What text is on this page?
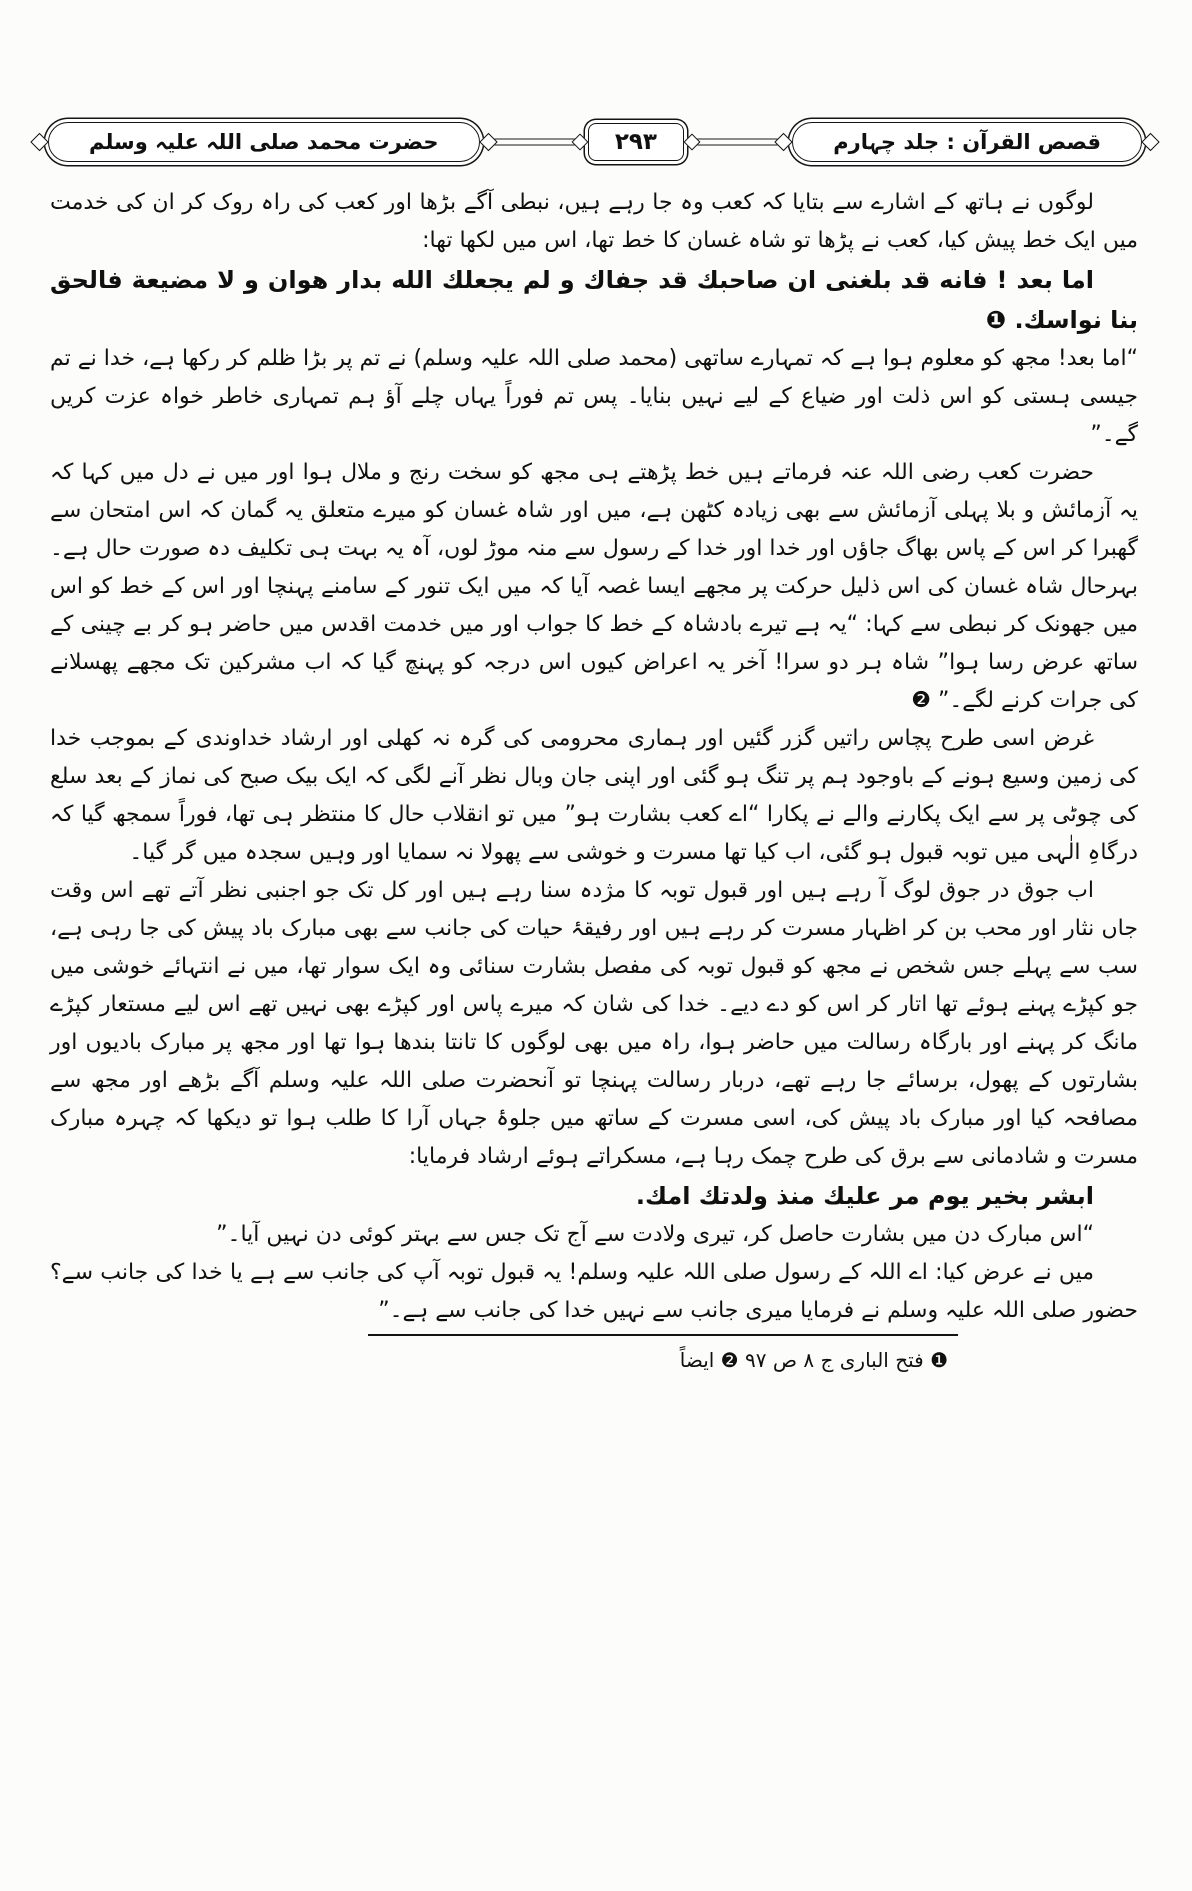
قصص القرآن : جلد چہارم
۲۹۳
حضرت محمد صلی اللہ علیہ وسلم

لوگوں نے ہاتھ کے اشارے سے بتایا کہ کعب وہ جا رہے ہیں، نبطی آگے بڑھا اور کعب کی راہ روک کر ان کی خدمت میں ایک خط پیش کیا، کعب نے پڑھا تو شاہ غسان کا خط تھا، اس میں لکھا تھا:

اما بعد ! فانه قد بلغنى ان صاحبك قد جفاك و لم يجعلك الله بدار هوان و لا مضيعة فالحق بنا نواسك. ❶

“اما بعد! مجھ کو معلوم ہوا ہے کہ تمہارے ساتھی (محمد صلی اللہ علیہ وسلم) نے تم پر بڑا ظلم کر رکھا ہے، خدا نے تم جیسی ہستی کو اس ذلت اور ضیاع کے لیے نہیں بنایا۔ پس تم فوراً یہاں چلے آؤ ہم تمہاری خاطر خواہ عزت کریں گے۔”

حضرت کعب رضی اللہ عنہ فرماتے ہیں خط پڑھتے ہی مجھ کو سخت رنج و ملال ہوا اور میں نے دل میں کہا کہ یہ آزمائش و بلا پہلی آزمائش سے بھی زیادہ کٹھن ہے، میں اور شاہ غسان کو میرے متعلق یہ گمان کہ اس امتحان سے گھبرا کر اس کے پاس بھاگ جاؤں اور خدا اور خدا کے رسول سے منہ موڑ لوں، آہ یہ بہت ہی تکلیف دہ صورت حال ہے۔ بہرحال شاہ غسان کی اس ذلیل حرکت پر مجھے ایسا غصہ آیا کہ میں ایک تنور کے سامنے پہنچا اور اس کے خط کو اس میں جھونک کر نبطی سے کہا: “یہ ہے تیرے بادشاہ کے خط کا جواب اور میں خدمت اقدس میں حاضر ہو کر بے چینی کے ساتھ عرض رسا ہوا” شاہ ہر دو سرا! آخر یہ اعراض کیوں اس درجہ کو پہنچ گیا کہ اب مشرکین تک مجھے پھسلانے کی جرات کرنے لگے۔” ❷

غرض اسی طرح پچاس راتیں گزر گئیں اور ہماری محرومی کی گرہ نہ کھلی اور ارشاد خداوندی کے بموجب خدا کی زمین وسیع ہونے کے باوجود ہم پر تنگ ہو گئی اور اپنی جان وبال نظر آنے لگی کہ ایک بیک صبح کی نماز کے بعد سلع کی چوٹی پر سے ایک پکارنے والے نے پکارا “اے کعب بشارت ہو” میں تو انقلاب حال کا منتظر ہی تھا، فوراً سمجھ گیا کہ درگاہِ الٰہی میں توبہ قبول ہو گئی، اب کیا تھا مسرت و خوشی سے پھولا نہ سمایا اور وہیں سجدہ میں گر گیا۔

اب جوق در جوق لوگ آ رہے ہیں اور قبول توبہ کا مژدہ سنا رہے ہیں اور کل تک جو اجنبی نظر آتے تھے اس وقت جاں نثار اور محب بن کر اظہار مسرت کر رہے ہیں اور رفیقۂ حیات کی جانب سے بھی مبارک باد پیش کی جا رہی ہے، سب سے پہلے جس شخص نے مجھ کو قبول توبہ کی مفصل بشارت سنائی وہ ایک سوار تھا، میں نے انتہائے خوشی میں جو کپڑے پہنے ہوئے تھا اتار کر اس کو دے دیے۔ خدا کی شان کہ میرے پاس اور کپڑے بھی نہیں تھے اس لیے مستعار کپڑے مانگ کر پہنے اور بارگاہ رسالت میں حاضر ہوا، راہ میں بھی لوگوں کا تانتا بندھا ہوا تھا اور مجھ پر مبارک بادیوں اور بشارتوں کے پھول، برسائے جا رہے تھے، دربار رسالت پہنچا تو آنحضرت صلی اللہ علیہ وسلم آگے بڑھے اور مجھ سے مصافحہ کیا اور مبارک باد پیش کی، اسی مسرت کے ساتھ میں جلوۂ جہاں آرا کا طلب ہوا تو دیکھا کہ چہرہ مبارک مسرت و شادمانی سے برق کی طرح چمک رہا ہے، مسکراتے ہوئے ارشاد فرمایا:

ابشر بخير يوم مر عليك منذ ولدتك امك.

“اس مبارک دن میں بشارت حاصل کر، تیری ولادت سے آج تک جس سے بہتر کوئی دن نہیں آیا۔”

میں نے عرض کیا: اے اللہ کے رسول صلی اللہ علیہ وسلم! یہ قبول توبہ آپ کی جانب سے ہے یا خدا کی جانب سے؟ حضور صلی اللہ علیہ وسلم نے فرمایا میری جانب سے نہیں خدا کی جانب سے ہے۔”

❶ فتح الباری ج ۸ ص ۹۷ ❷ ایضاً
